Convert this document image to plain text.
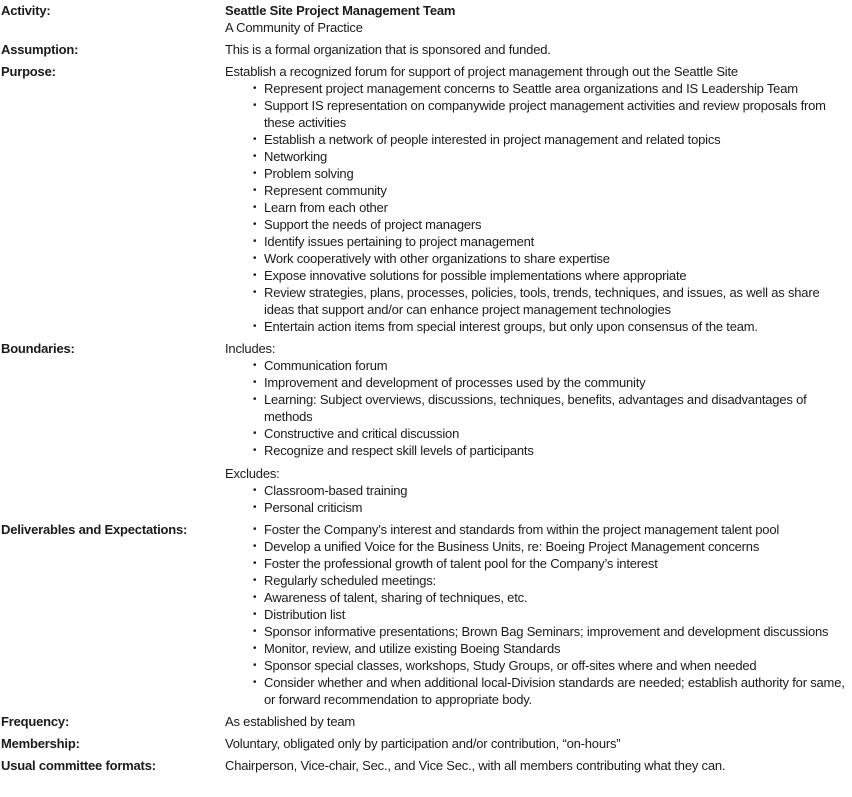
Activity:	Seattle Site Project Management Team

A Community of Practice

Assumption:	This is a formal organization that is sponsored and funded.

Purpose:	Establish a recognized forum for support of project management through out the Seattle Site

• Represent project management concerns to Seattle area organizations and IS Leadership Team
• Support IS representation on companywide project management activities and review proposals from these activities
• Establish a network of people interested in project management and related topics
• Networking
• Problem solving
• Represent community
• Learn from each other
• Support the needs of project managers
• Identify issues pertaining to project management
• Work cooperatively with other organizations to share expertise
• Expose innovative solutions for possible implementations where appropriate
• Review strategies, plans, processes, policies, tools, trends, techniques, and issues, as well as share ideas that support and/or can enhance project management technologies
• Entertain action items from special interest groups, but only upon consensus of the team.
Boundaries:	Includes:

• Communication forum
• Improvement and development of processes used by the community
• Learning: Subject overviews, discussions, techniques, benefits, advantages and disadvantages of methods
• Constructive and critical discussion
• Recognize and respect skill levels of participants

Excludes:

• Classroom-based training
• Personal criticism
Deliverables and Expectations:	• Foster the Company’s interest and standards from within the project management talent pool
• Develop a unified Voice for the Business Units, re: Boeing Project Management concerns
• Foster the professional growth of talent pool for the Company’s interest
• Regularly scheduled meetings:
• Awareness of talent, sharing of techniques, etc.
• Distribution list
• Sponsor informative presentations; Brown Bag Seminars; improvement and development discussions
• Monitor, review, and utilize existing Boeing Standards
• Sponsor special classes, workshops, Study Groups, or off-sites where and when needed
• Consider whether and when additional local-Division standards are needed; establish authority for same, or forward recommendation to appropriate body.
Frequency:	As established by team

Membership:	Voluntary, obligated only by participation and/or contribution, “on-hours”

Usual committee formats:	Chairperson, Vice-chair, Sec., and Vice Sec., with all members contributing what they can.
